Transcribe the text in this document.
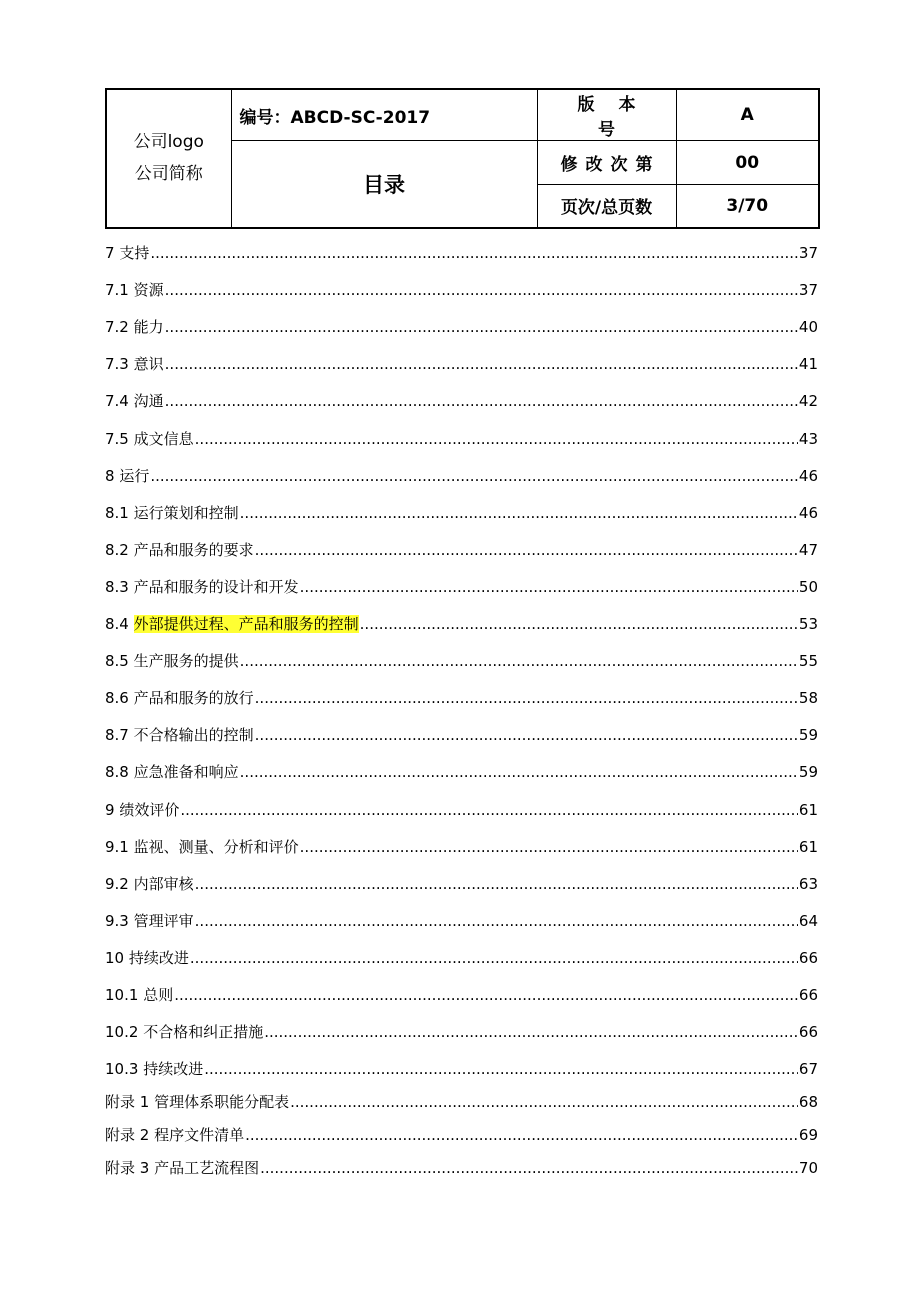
公司logo
公司简称	编号：ABCD-SC-2017	版本号	A
	目录	修改次第	00
		页次/总页数	3/70
7 支持 .....	37
7.1 资源 .....	37
7.2 能力 .....	40
7.3 意识 .....	41
7.4 沟通 .....	42
7.5 成文信息 .....	43
8 运行 .....	46
8.1 运行策划和控制 .....	46
8.2 产品和服务的要求 .....	47
8.3 产品和服务的设计和开发 .....	50
8.4 外部提供过程、产品和服务的控制 .....	53
8.5 生产服务的提供 .....	55
8.6 产品和服务的放行 .....	58
8.7 不合格输出的控制 .....	59
8.8 应急准备和响应 .....	59
9 绩效评价 .....	61
9.1 监视、测量、分析和评价 .....	61
9.2 内部审核 .....	63
9.3 管理评审 .....	64
10 持续改进 .....	66
10.1 总则 .....	66
10.2 不合格和纠正措施 .....	66
10.3 持续改进 .....	67
附录 1 管理体系职能分配表 .....	68
附录 2 程序文件清单 .....	69
附录 3 产品工艺流程图 .....	70
